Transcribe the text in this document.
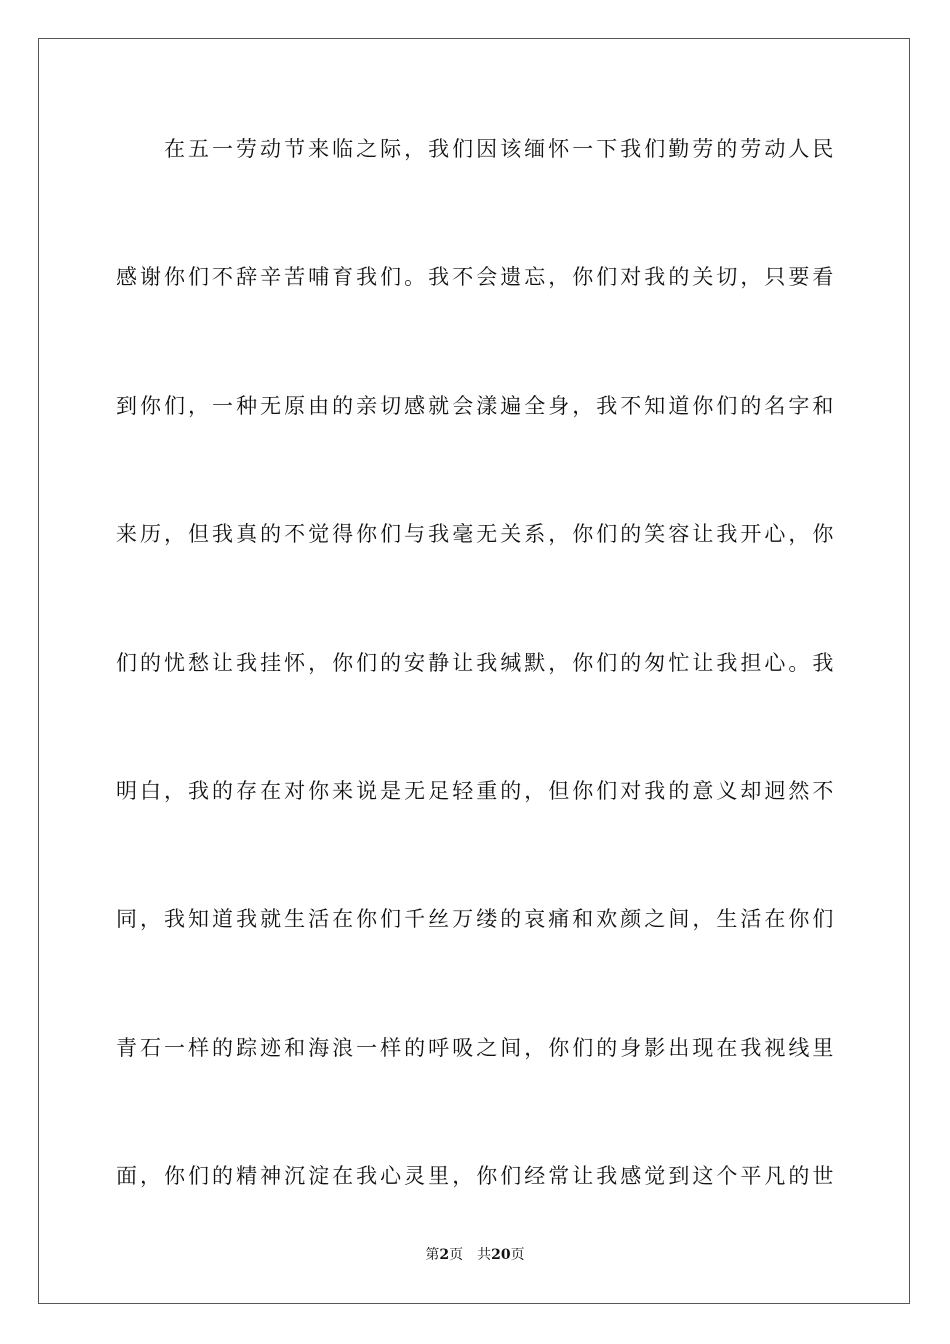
在五一劳动节来临之际，我们因该缅怀一下我们勤劳的劳动人民
感谢你们不辞辛苦哺育我们。我不会遗忘，你们对我的关切，只要看
到你们，一种无原由的亲切感就会漾遍全身，我不知道你们的名字和
来历，但我真的不觉得你们与我毫无关系，你们的笑容让我开心，你
们的忧愁让我挂怀，你们的安静让我缄默，你们的匆忙让我担心。我
明白，我的存在对你来说是无足轻重的，但你们对我的意义却迥然不
同，我知道我就生活在你们千丝万缕的哀痛和欢颜之间，生活在你们
青石一样的踪迹和海浪一样的呼吸之间，你们的身影出现在我视线里
面，你们的精神沉淀在我心灵里，你们经常让我感觉到这个平凡的世
第2页 共20页
